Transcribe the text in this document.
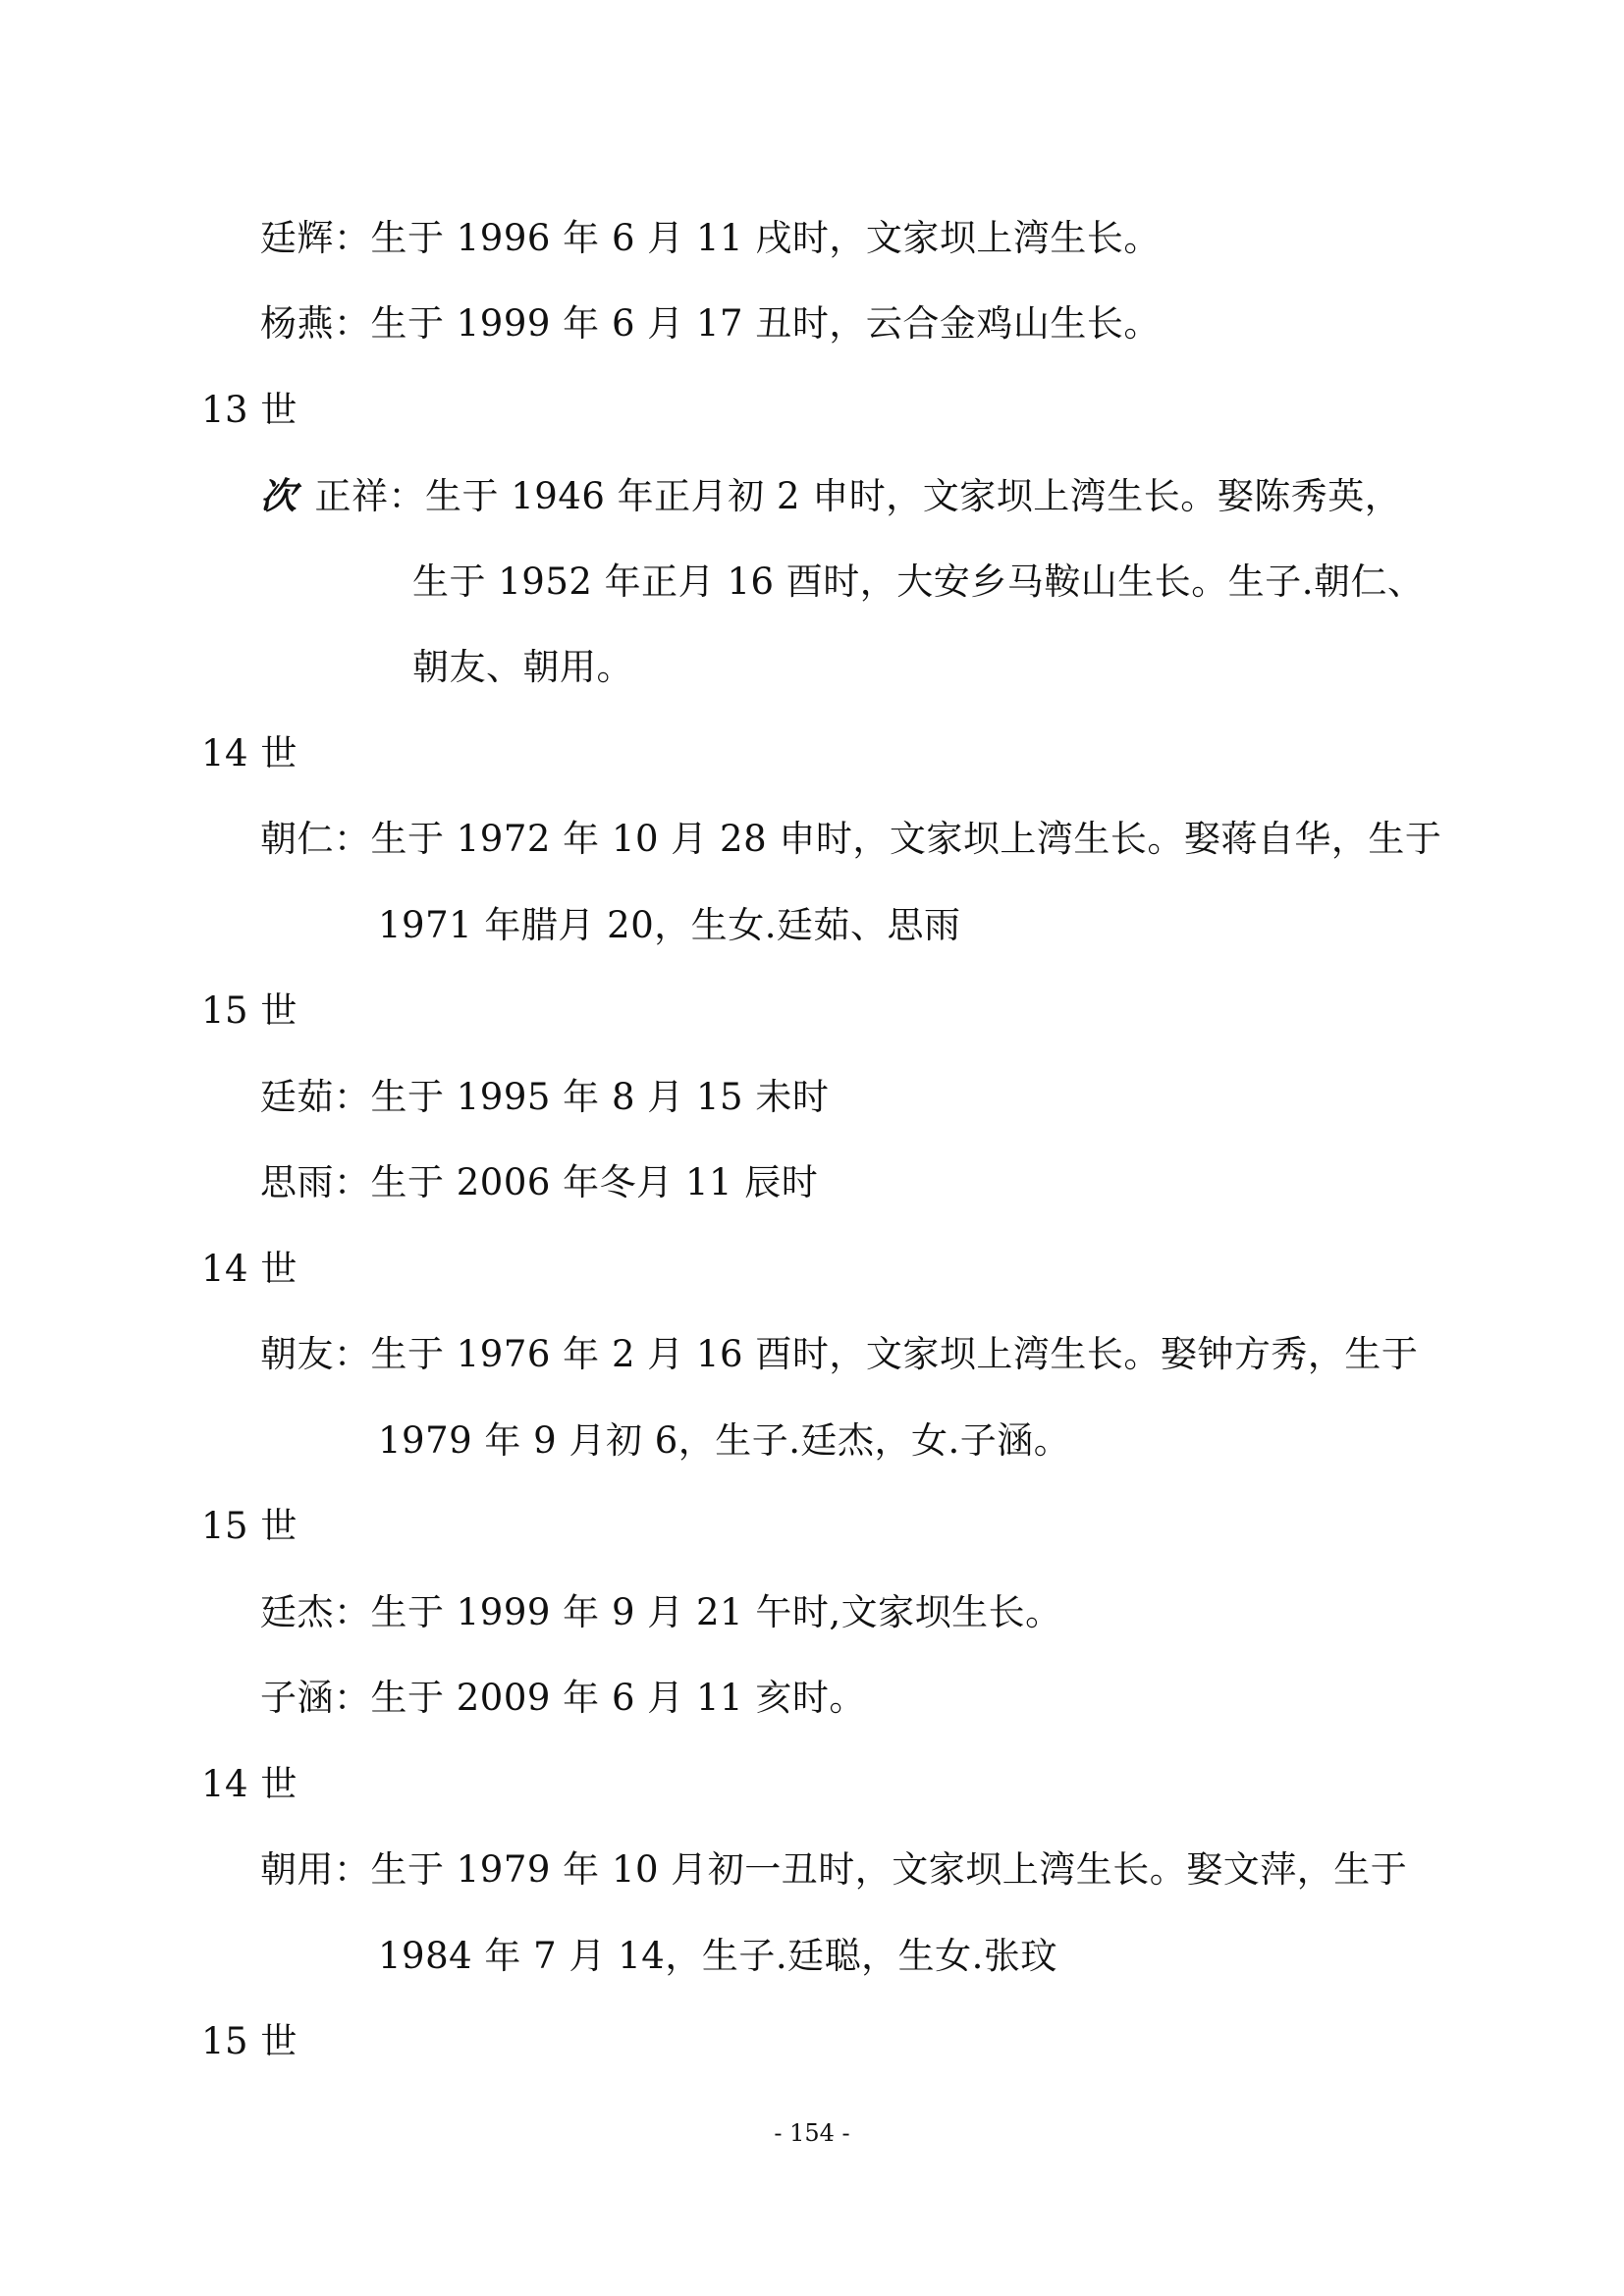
廷辉：生于 1996 年 6 月 11 戌时，文家坝上湾生长。
杨燕：生于 1999 年 6 月 17 丑时，云合金鸡山生长。
13 世
次 正祥：生于 1946 年正月初 2 申时，文家坝上湾生长。娶陈秀英，
生于 1952 年正月 16 酉时，大安乡马鞍山生长。生子.朝仁、
朝友、朝用。
14 世
朝仁：生于 1972 年 10 月 28 申时，文家坝上湾生长。娶蒋自华，生于
1971 年腊月 20，生女.廷茹、思雨
15 世
廷茹：生于 1995 年 8 月 15 未时
思雨：生于 2006 年冬月 11 辰时
14 世
朝友：生于 1976 年 2 月 16 酉时，文家坝上湾生长。娶钟方秀，生于
1979 年 9 月初 6，生子.廷杰，女.子涵。
15 世
廷杰：生于 1999 年 9 月 21 午时,文家坝生长。
子涵：生于 2009 年 6 月 11 亥时。
14 世
朝用：生于 1979 年 10 月初一丑时，文家坝上湾生长。娶文萍，生于
1984 年 7 月 14，生子.廷聪，生女.张玟
15 世
- 154 -
